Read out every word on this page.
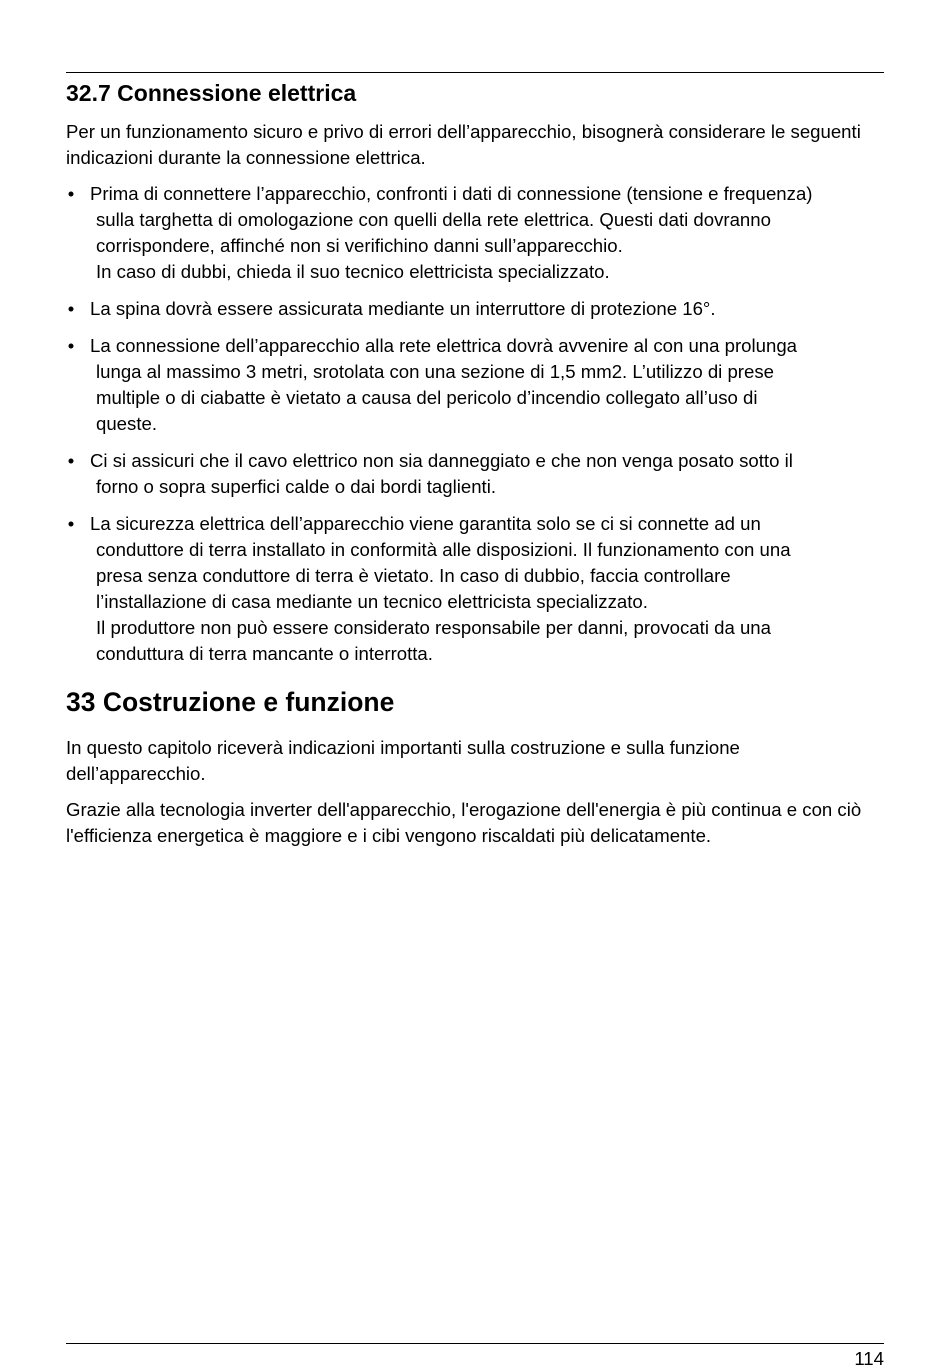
32.7 Connessione elettrica

Per un funzionamento sicuro e privo di errori dell’apparecchio, bisognerà considerare le seguenti indicazioni durante la connessione elettrica.

• Prima di connettere l’apparecchio, confronti i dati di connessione (tensione e frequenza)
sulla targhetta di omologazione con quelli della rete elettrica. Questi dati dovranno
corrispondere, affinché non si verifichino danni sull’apparecchio.
In caso di dubbi, chieda il suo tecnico elettricista specializzato.
• La spina dovrà essere assicurata mediante un interruttore di protezione 16°.
• La connessione dell’apparecchio alla rete elettrica dovrà avvenire al con una prolunga
lunga al massimo 3 metri, srotolata con una sezione di 1,5 mm2. L’utilizzo di prese
multiple o di ciabatte è vietato a causa del pericolo d’incendio collegato all’uso di
queste.
• Ci si assicuri che il cavo elettrico non sia danneggiato e che non venga posato sotto il
forno o sopra superfici calde o dai bordi taglienti.
• La sicurezza elettrica dell’apparecchio viene garantita solo se ci si connette ad un
conduttore di terra installato in conformità alle disposizioni. Il funzionamento con una
presa senza conduttore di terra è vietato. In caso di dubbio, faccia controllare
l’installazione di casa mediante un tecnico elettricista specializzato.
Il produttore non può essere considerato responsabile per danni, provocati da una
conduttura di terra mancante o interrotta.
33 Costruzione e funzione

In questo capitolo riceverà indicazioni importanti sulla costruzione e sulla funzione dell’apparecchio.

Grazie alla tecnologia inverter dell'apparecchio, l'erogazione dell'energia è più continua e con ciò l'efficienza energetica è maggiore e i cibi vengono riscaldati più delicatamente.

114
